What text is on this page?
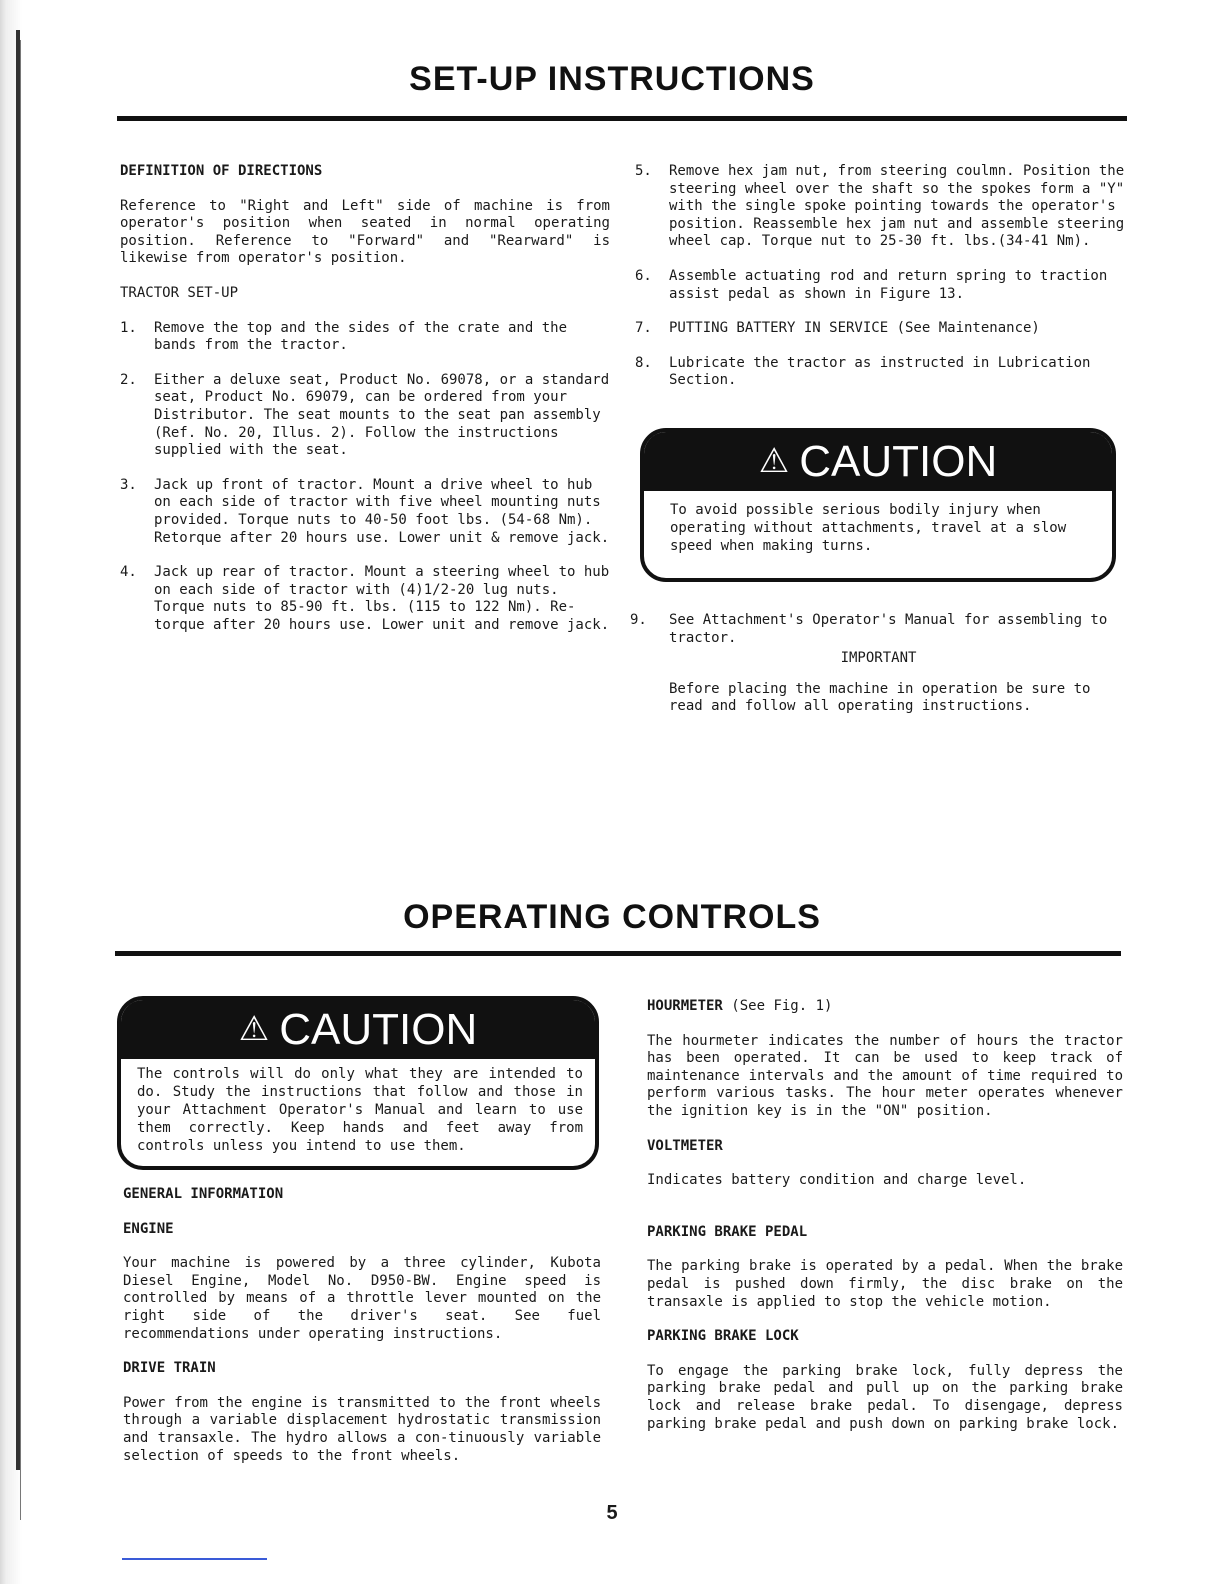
SET-UP INSTRUCTIONS
DEFINITION OF DIRECTIONS

Reference to "Right and Left" side of machine is from operator's position when seated in normal operating position. Reference to "Forward" and "Rearward" is likewise from operator's position.

TRACTOR SET-UP
1.	Remove the top and the sides of the crate and the bands from the tractor.
2.	Either a deluxe seat, Product No. 69078, or a standard seat, Product No. 69079, can be ordered from your Distributor. The seat mounts to the seat pan assembly (Ref. No. 20, Illus. 2). Follow the instructions supplied with the seat.
3.	Jack up front of tractor. Mount a drive wheel to hub on each side of tractor with five wheel mounting nuts provided. Torque nuts to 40-50 foot lbs. (54-68 Nm). Retorque after 20 hours use. Lower unit & remove jack.
4.	Jack up rear of tractor. Mount a steering wheel to hub on each side of tractor with (4)1/2-20 lug nuts. Torque nuts to 85-90 ft. lbs. (115 to 122 Nm). Re-torque after 20 hours use. Lower unit and remove jack.
5.	Remove hex jam nut, from steering coulmn. Position the steering wheel over the shaft so the spokes form a "Y" with the single spoke pointing towards the operator's position. Reassemble hex jam nut and assemble steering wheel cap. Torque nut to 25-30 ft. lbs.(34-41 Nm).
6.	Assemble actuating rod and return spring to traction assist pedal as shown in Figure 13.
7.	PUTTING BATTERY IN SERVICE (See Maintenance)
8.	Lubricate the tractor as instructed in Lubrication Section.
⚠ CAUTION
To avoid possible serious bodily injury when operating without attachments, travel at a slow speed when making turns.
9.	See Attachment's Operator's Manual for assembling to tractor.
IMPORTANT

Before placing the machine in operation be sure to read and follow all operating instructions.

OPERATING CONTROLS
⚠ CAUTION
The controls will do only what they are intended to do. Study the instructions that follow and those in your Attachment Operator's Manual and learn to use them correctly. Keep hands and feet away from controls unless you intend to use them.
GENERAL INFORMATION
ENGINE

Your machine is powered by a three cylinder, Kubota Diesel Engine, Model No. D950-BW. Engine speed is controlled by means of a throttle lever mounted on the right side of the driver's seat. See fuel recommendations under operating instructions.

DRIVE TRAIN

Power from the engine is transmitted to the front wheels through a variable displacement hydrostatic transmission and transaxle. The hydro allows a con-tinuously variable selection of speeds to the front wheels.

HOURMETER (See Fig. 1)

The hourmeter indicates the number of hours the tractor has been operated. It can be used to keep track of maintenance intervals and the amount of time required to perform various tasks. The hour meter operates whenever the ignition key is in the "ON" position.

VOLTMETER

Indicates battery condition and charge level.

PARKING BRAKE PEDAL

The parking brake is operated by a pedal. When the brake pedal is pushed down firmly, the disc brake on the transaxle is applied to stop the vehicle motion.

PARKING BRAKE LOCK

To engage the parking brake lock, fully depress the parking brake pedal and pull up on the parking brake lock and release brake pedal. To disengage, depress parking brake pedal and push down on parking brake lock.

5
